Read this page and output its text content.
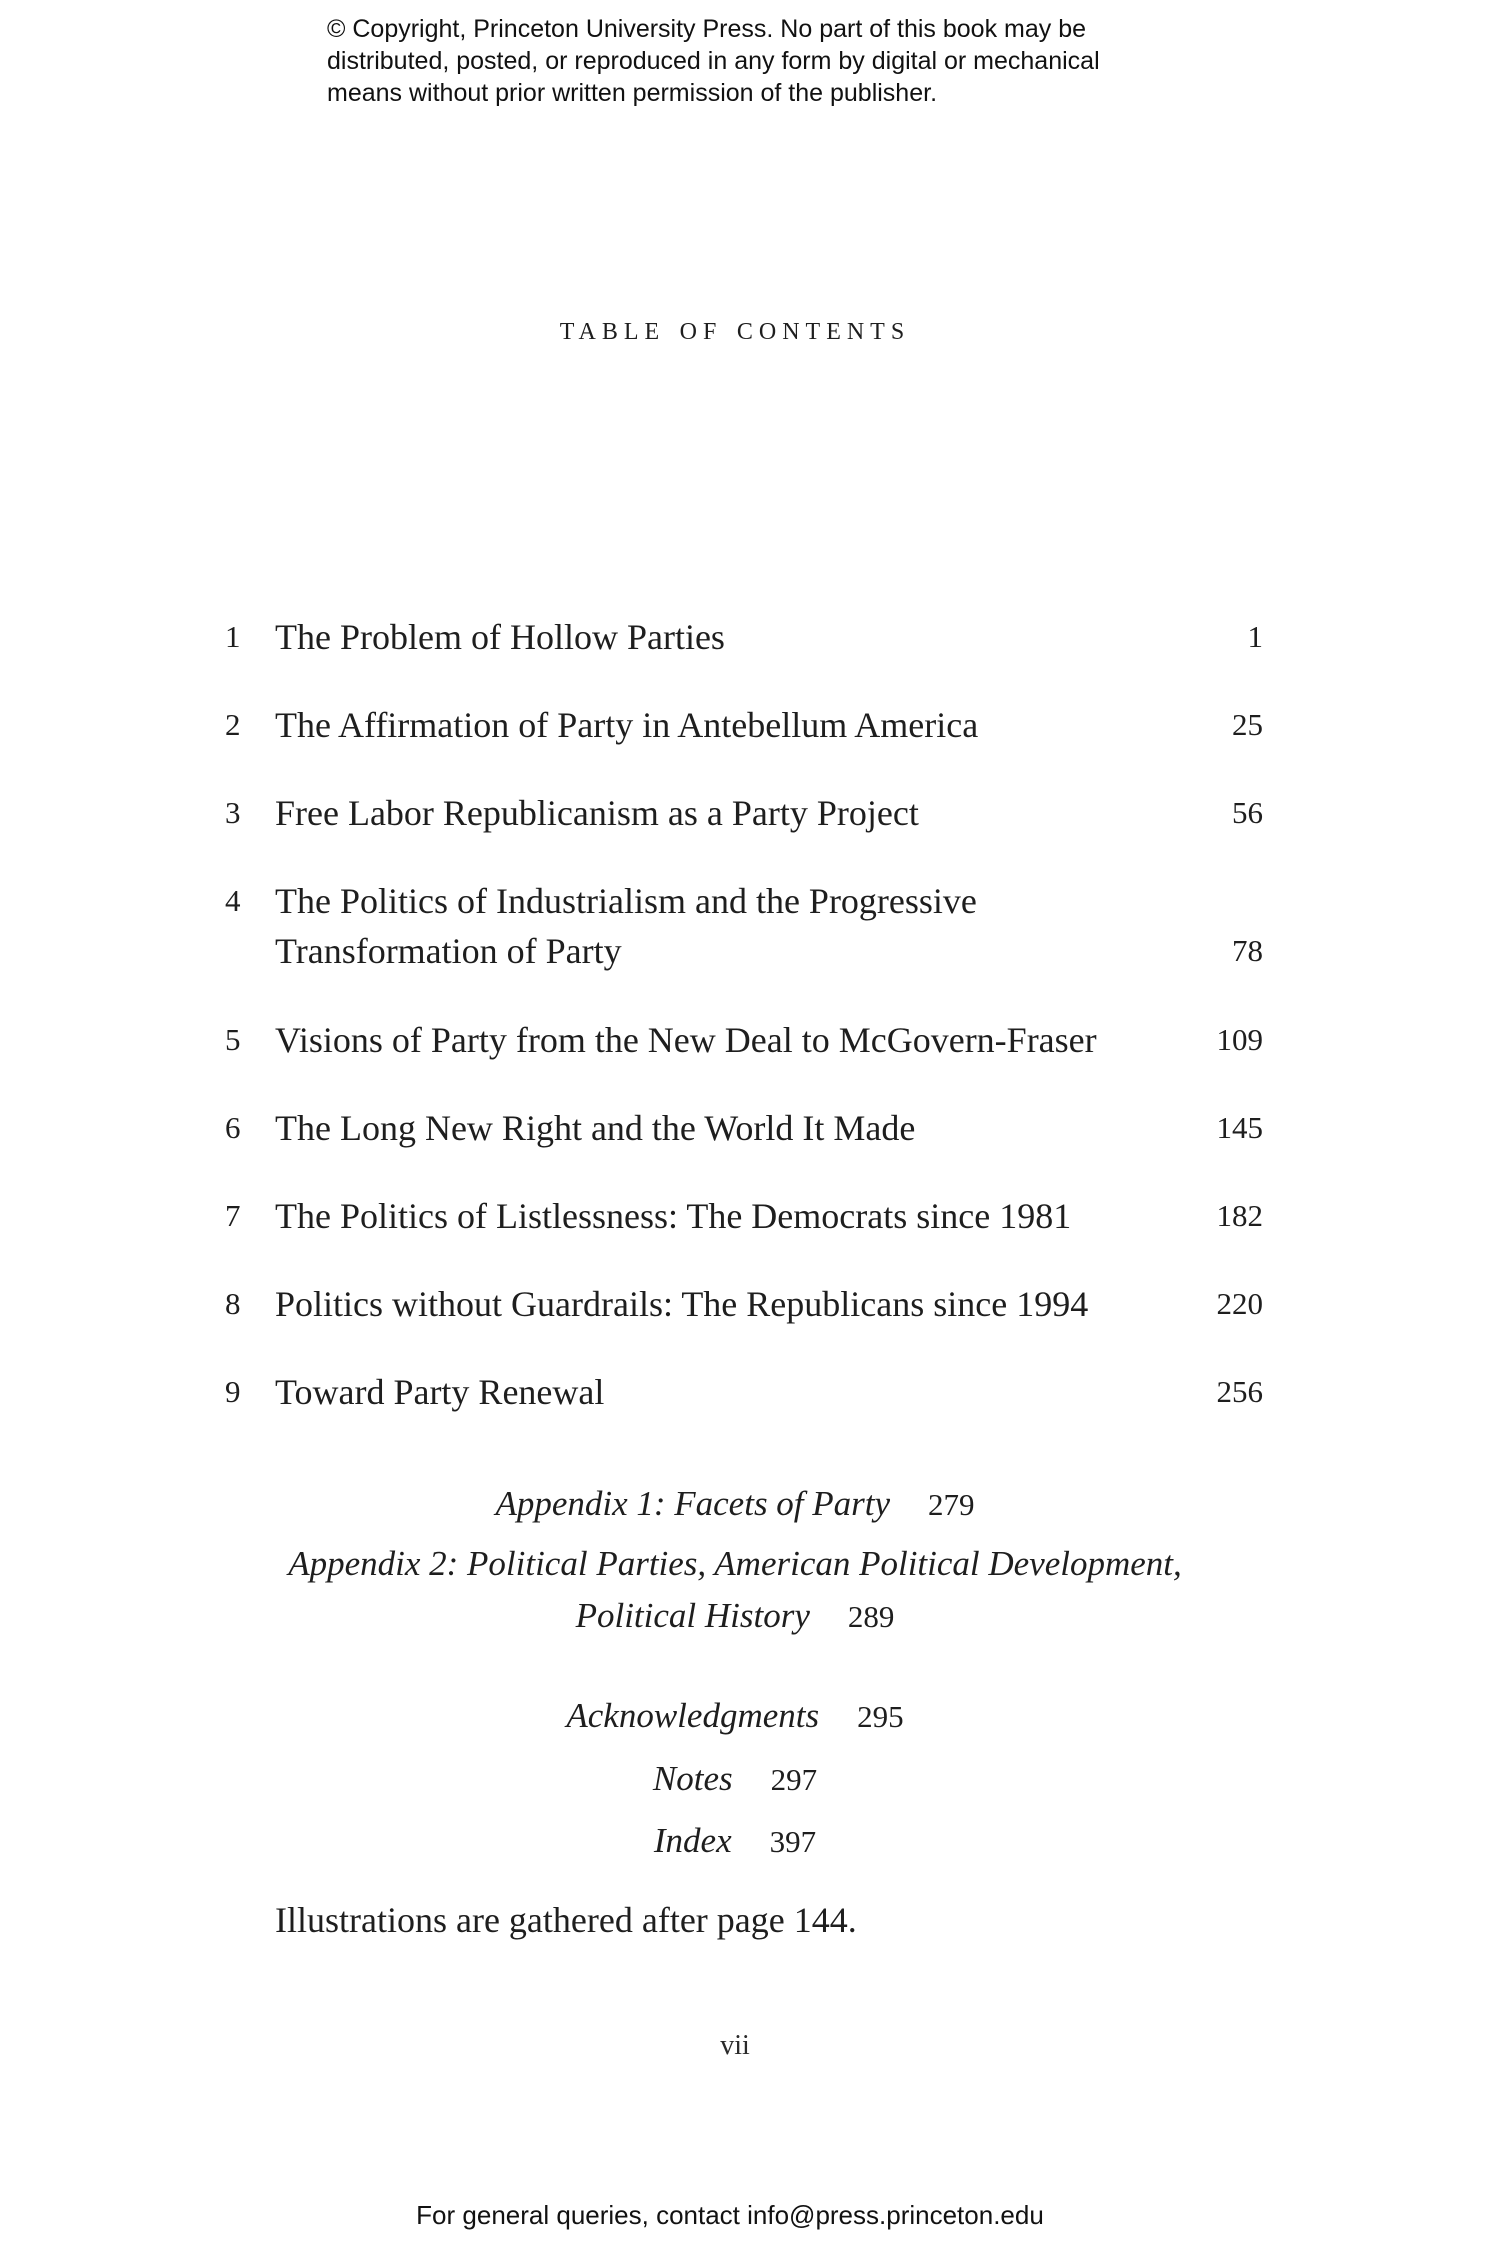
© Copyright, Princeton University Press. No part of this book may be
distributed, posted, or reproduced in any form by digital or mechanical
means without prior written permission of the publisher.
table of contents
1 The Problem of Hollow Parties	1
2 The Affirmation of Party in Antebellum America	25
3 Free Labor Republicanism as a Party Project	56
4 The Politics of Industrialism and the Progressive
Transformation of Party	78
5 Visions of Party from the New Deal to McGovern-Fraser	109
6 The Long New Right and the World It Made	145
7 The Politics of Listlessness: The Democrats since 1981	182
8 Politics without Guardrails: The Republicans since 1994	220
9 Toward Party Renewal	256
Appendix 1: Facets of Party 279
Appendix 2: Political Parties, American Political Development,
Political History 289
Acknowledgments 295
Notes 297
Index 397
Illustrations are gathered after page 144.
vii
For general queries, contact info@press.princeton.edu
